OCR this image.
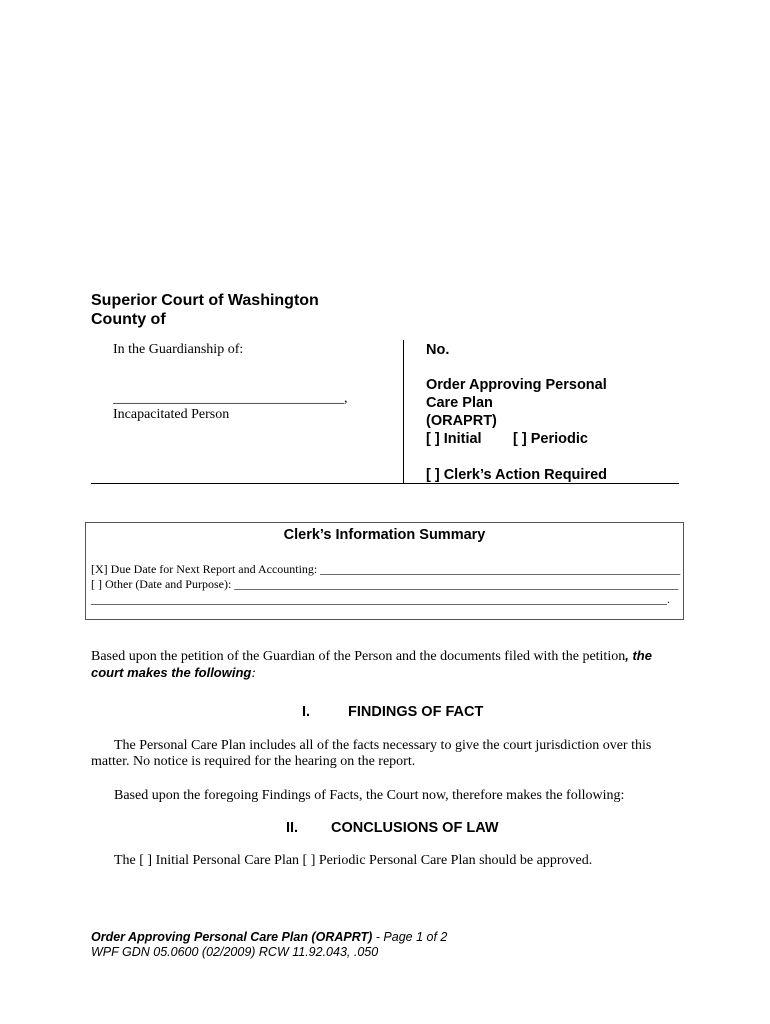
Superior Court of Washington
County of
In the Guardianship of:
_________________________________,
Incapacitated Person
No.
Order Approving Personal
Care Plan
(ORAPRT)
[ ] Initial [ ] Periodic
[ ] Clerk’s Action Required
Clerk’s Information Summary
[X] Due Date for Next Report and Accounting: ____________________________________________________________
[ ] Other (Date and Purpose): __________________________________________________________________________
________________________________________________________________________________________________.
Based upon the petition of the Guardian of the Person and the documents filed with the petition, the
court makes the following:
I.	FINDINGS OF FACT
The Personal Care Plan includes all of the facts necessary to give the court jurisdiction over this
matter. No notice is required for the hearing on the report.
Based upon the foregoing Findings of Facts, the Court now, therefore makes the following:
II. CONCLUSIONS OF LAW
The [ ] Initial Personal Care Plan [ ] Periodic Personal Care Plan should be approved.
Order Approving Personal Care Plan (ORAPRT) - Page 1 of 2
WPF GDN 05.0600 (02/2009) RCW 11.92.043, .050
